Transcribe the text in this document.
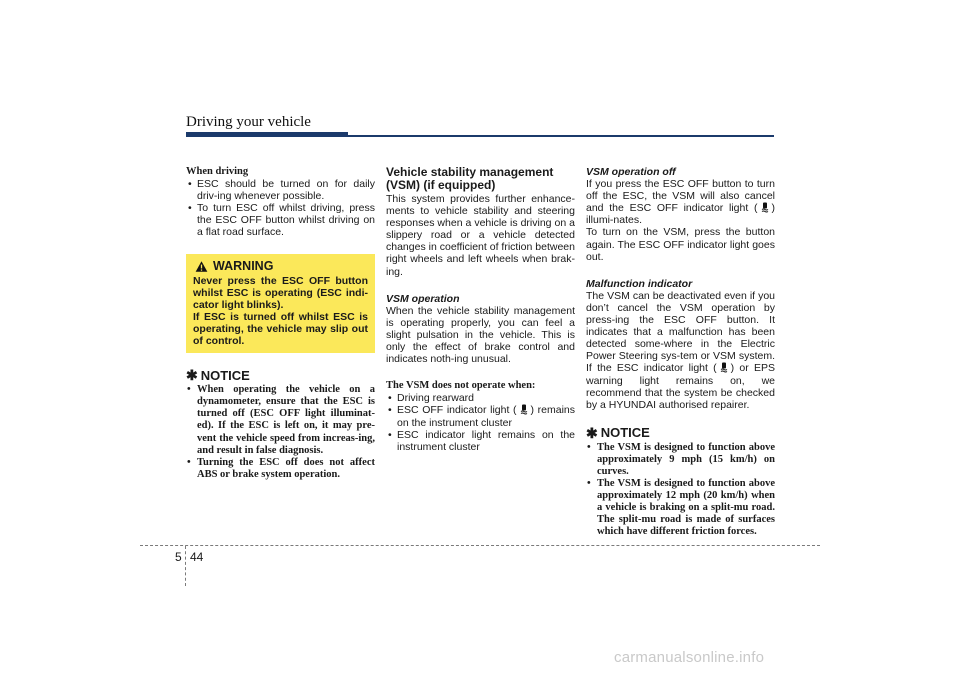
Driving your vehicle
When driving
• ESC should be turned on for daily driv-ing whenever possible.
• To turn ESC off whilst driving, press the ESC OFF button whilst driving on a flat road surface.
WARNING

Never press the ESC OFF button whilst ESC is operating (ESC indi-cator light blinks).

If ESC is turned off whilst ESC is operating, the vehicle may slip out of control.

✱ NOTICE
• When operating the vehicle on a dynamometer, ensure that the ESC is turned off (ESC OFF light illuminat-ed). If the ESC is left on, it may pre-vent the vehicle speed from increas-ing, and result in false diagnosis.
• Turning the ESC off does not affect ABS or brake system operation.
Vehicle stability management (VSM) (if equipped)

This system provides further enhance-ments to vehicle stability and steering responses when a vehicle is driving on a slippery road or a vehicle detected changes in coefficient of friction between right wheels and left wheels when brak-ing.

VSM operation

When the vehicle stability management is operating properly, you can feel a slight pulsation in the vehicle. This is only the effect of brake control and indicates noth-ing unusual.

The VSM does not operate when:
• Driving rearward
• ESC OFF indicator light ( ) remains on the instrument cluster
• ESC indicator light remains on the instrument cluster
VSM operation off

If you press the ESC OFF button to turn off the ESC, the VSM will also cancel and the ESC OFF indicator light ( ) illumi-nates.

To turn on the VSM, press the button again. The ESC OFF indicator light goes out.

Malfunction indicator

The VSM can be deactivated even if you don’t cancel the VSM operation by press-ing the ESC OFF button. It indicates that a malfunction has been detected some-where in the Electric Power Steering sys-tem or VSM system. If the ESC indicator light ( ) or EPS warning light remains on, we recommend that the system be checked by a HYUNDAI authorised repairer.

✱ NOTICE
• The VSM is designed to function above approximately 9 mph (15 km/h) on curves.
• The VSM is designed to function above approximately 12 mph (20 km/h) when a vehicle is braking on a split-mu road. The split-mu road is made of surfaces which have different friction forces.
5 44
carmanualsonline.info
